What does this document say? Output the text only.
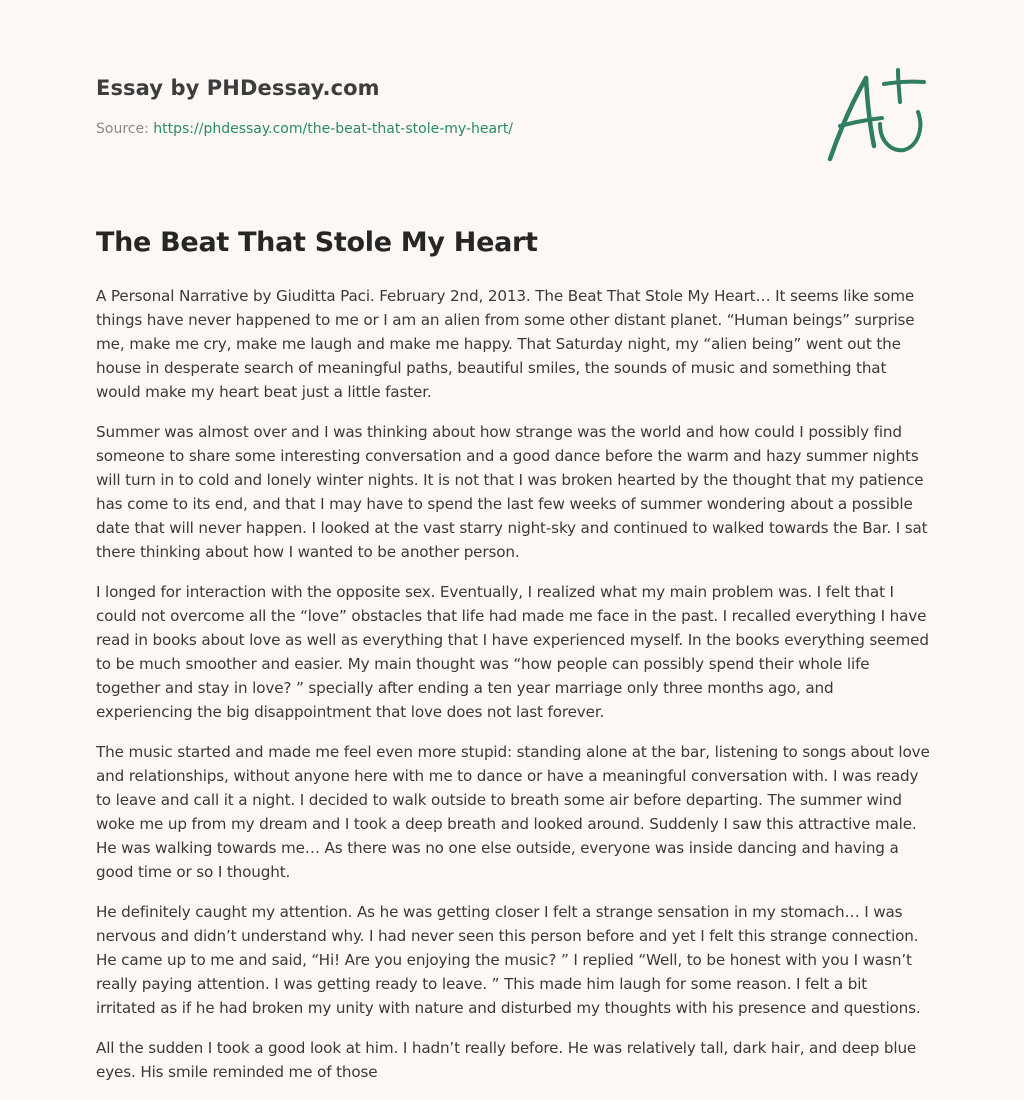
Essay by PHDessay.com
Source: https://phdessay.com/the-beat-that-stole-my-heart/
The Beat That Stole My Heart

A Personal Narrative by Giuditta Paci. February 2nd, 2013. The Beat That Stole My Heart… It seems like some things have never happened to me or I am an alien from some other distant planet. “Human beings” surprise me, make me cry, make me laugh and make me happy. That Saturday night, my “alien being” went out the house in desperate search of meaningful paths, beautiful smiles, the sounds of music and something that would make my heart beat just a little faster.

Summer was almost over and I was thinking about how strange was the world and how could I possibly find someone to share some interesting conversation and a good dance before the warm and hazy summer nights will turn in to cold and lonely winter nights. It is not that I was broken hearted by the thought that my patience has come to its end, and that I may have to spend the last few weeks of summer wondering about a possible date that will never happen. I looked at the vast starry night-sky and continued to walked towards the Bar. I sat there thinking about how I wanted to be another person.

I longed for interaction with the opposite sex. Eventually, I realized what my main problem was. I felt that I could not overcome all the “love” obstacles that life had made me face in the past. I recalled everything I have read in books about love as well as everything that I have experienced myself. In the books everything seemed to be much smoother and easier. My main thought was “how people can possibly spend their whole life together and stay in love? ” specially after ending a ten year marriage only three months ago, and experiencing the big disappointment that love does not last forever.

The music started and made me feel even more stupid: standing alone at the bar, listening to songs about love and relationships, without anyone here with me to dance or have a meaningful conversation with. I was ready to leave and call it a night. I decided to walk outside to breath some air before departing. The summer wind woke me up from my dream and I took a deep breath and looked around. Suddenly I saw this attractive male. He was walking towards me… As there was no one else outside, everyone was inside dancing and having a good time or so I thought.

He definitely caught my attention. As he was getting closer I felt a strange sensation in my stomach… I was nervous and didn’t understand why. I had never seen this person before and yet I felt this strange connection. He came up to me and said, “Hi! Are you enjoying the music? ” I replied “Well, to be honest with you I wasn’t really paying attention. I was getting ready to leave. ” This made him laugh for some reason. I felt a bit irritated as if he had broken my unity with nature and disturbed my thoughts with his presence and questions.

All the sudden I took a good look at him. I hadn’t really before. He was relatively tall, dark hair, and deep blue eyes. His smile reminded me of those
